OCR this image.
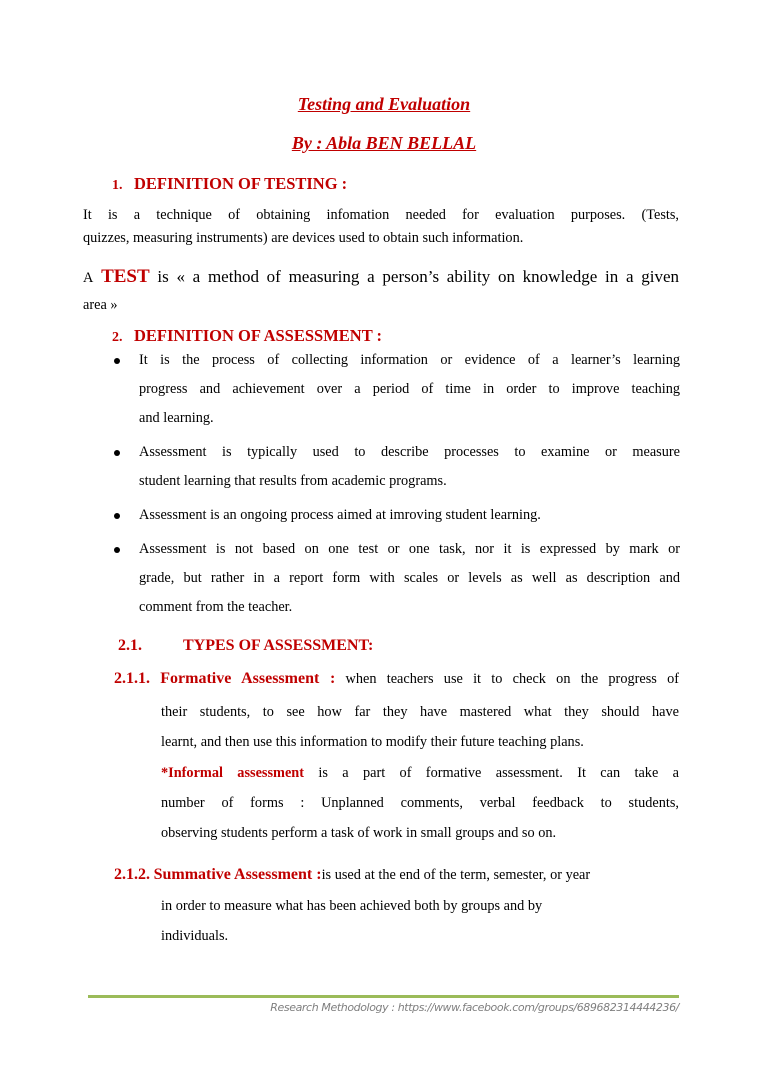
Testing and Evaluation
By : Abla BEN BELLAL
1. DEFINITION OF TESTING :
It is a technique of obtaining infomation needed for evaluation purposes. (Tests,
quizzes, measuring instruments) are devices used to obtain such information.
A TEST is « a method of measuring a person’s ability on knowledge in a given
area »
2. DEFINITION OF ASSESSMENT :
It is the process of collecting information or evidence of a learner’s learning
progress and achievement over a period of time in order to improve teaching
and learning.
Assessment is typically used to describe processes to examine or measure
student learning that results from academic programs.
Assessment is an ongoing process aimed at imroving student learning.
Assessment is not based on one test or one task, nor it is expressed by mark or
grade, but rather in a report form with scales or levels as well as description and
comment from the teacher.
2.1.	TYPES OF ASSESSMENT:
2.1.1. Formative Assessment : when teachers use it to check on the progress of
their students, to see how far they have mastered what they should have
learnt, and then use this information to modify their future teaching plans.
*Informal assessment is a part of formative assessment. It can take a
number of forms : Unplanned comments, verbal feedback to students,
observing students perform a task of work in small groups and so on.
2.1.2. Summative Assessment :is used at the end of the term, semester, or year
in order to measure what has been achieved both by groups and by
individuals.
Research Methodology : https://www.facebook.com/groups/689682314444236/
